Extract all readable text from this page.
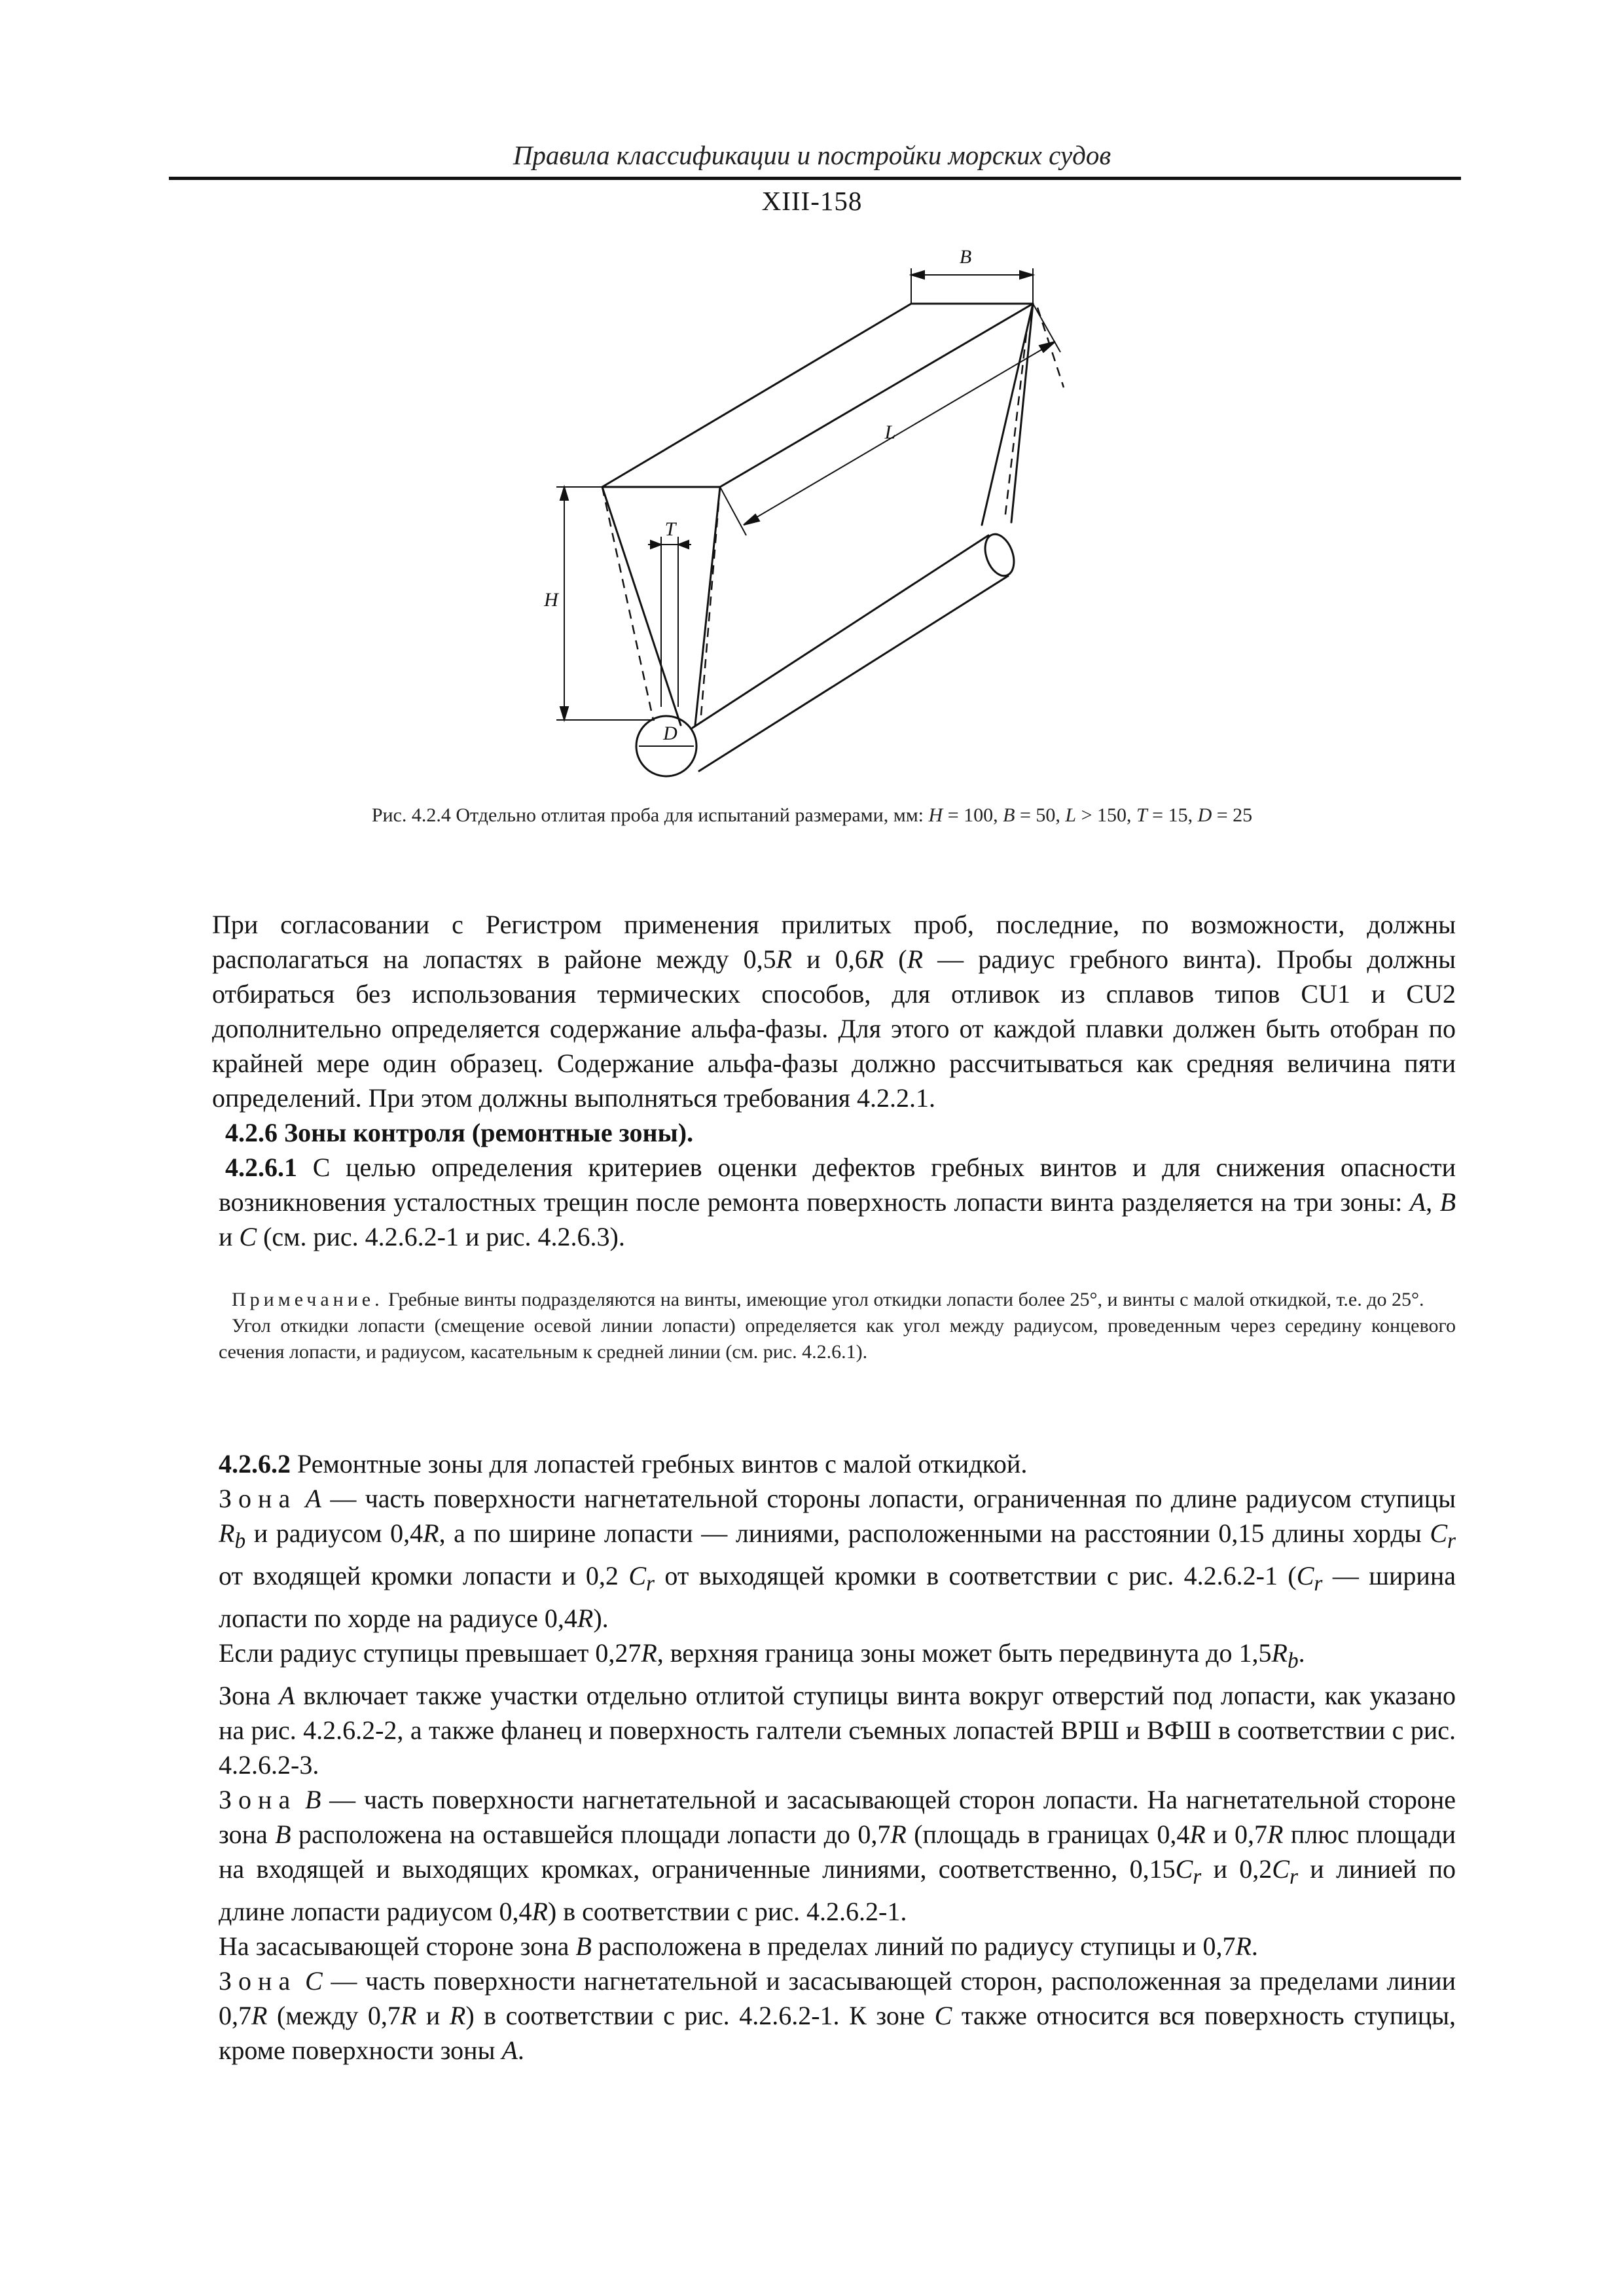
Правила классификации и постройки морских судов
XIII-158
B
L
T
H
D
Рис. 4.2.4 Отдельно отлитая проба для испытаний размерами, мм: H = 100, B = 50, L > 150, T = 15, D = 25

При согласовании с Регистром применения прилитых проб, последние, по возможности, должны располагаться на лопастях в районе между 0,5R и 0,6R (R — радиус гребного винта). Пробы должны отбираться без использования термических способов, для отливок из сплавов типов CU1 и CU2 дополнительно определяется содержание альфа-фазы. Для этого от каждой плавки должен быть отобран по крайней мере один образец. Содержание альфа-фазы должно рассчитываться как средняя величина пяти определений. При этом должны выполняться требования 4.2.2.1.

4.2.6 Зоны контроля (ремонтные зоны).

4.2.6.1 С целью определения критериев оценки дефектов гребных винтов и для снижения опасности возникновения усталостных трещин после ремонта поверхность лопасти винта разделяется на три зоны: A, B и C (см. рис. 4.2.6.2-1 и рис. 4.2.6.3).

Примечание. Гребные винты подразделяются на винты, имеющие угол откидки лопасти более 25°, и винты с малой откидкой, т.е. до 25°.

Угол откидки лопасти (смещение осевой линии лопасти) определяется как угол между радиусом, проведенным через середину концевого сечения лопасти, и радиусом, касательным к средней линии (см. рис. 4.2.6.1).

4.2.6.2 Ремонтные зоны для лопастей гребных винтов с малой откидкой.

Зона A — часть поверхности нагнетательной стороны лопасти, ограниченная по длине радиусом ступицы $R_b$ и радиусом 0,4R, а по ширине лопасти — линиями, расположенными на расстоянии 0,15 длины хорды $C_r$ от входящей кромки лопасти и 0,2 $C_r$ от выходящей кромки в соответствии с рис. 4.2.6.2-1 ($C_r$ — ширина лопасти по хорде на радиусе 0,4R).

Если радиус ступицы превышает 0,27R, верхняя граница зоны может быть передвинута до $1,5R_b$.

Зона A включает также участки отдельно отлитой ступицы винта вокруг отверстий под лопасти, как указано на рис. 4.2.6.2-2, а также фланец и поверхность галтели съемных лопастей ВРШ и ВФШ в соответствии с рис. 4.2.6.2-3.

Зона B — часть поверхности нагнетательной и засасывающей сторон лопасти. На нагнетательной стороне зона B расположена на оставшейся площади лопасти до 0,7R (площадь в границах 0,4R и 0,7R плюс площади на входящей и выходящих кромках, ограниченные линиями, соответственно, $0,15C_r$ и $0,2C_r$ и линией по длине лопасти радиусом 0,4R) в соответствии с рис. 4.2.6.2-1.

На засасывающей стороне зона B расположена в пределах линий по радиусу ступицы и 0,7R.

Зона C — часть поверхности нагнетательной и засасывающей сторон, расположенная за пределами линии 0,7R (между 0,7R и R) в соответствии с рис. 4.2.6.2-1. К зоне C также относится вся поверхность ступицы, кроме поверхности зоны A.
